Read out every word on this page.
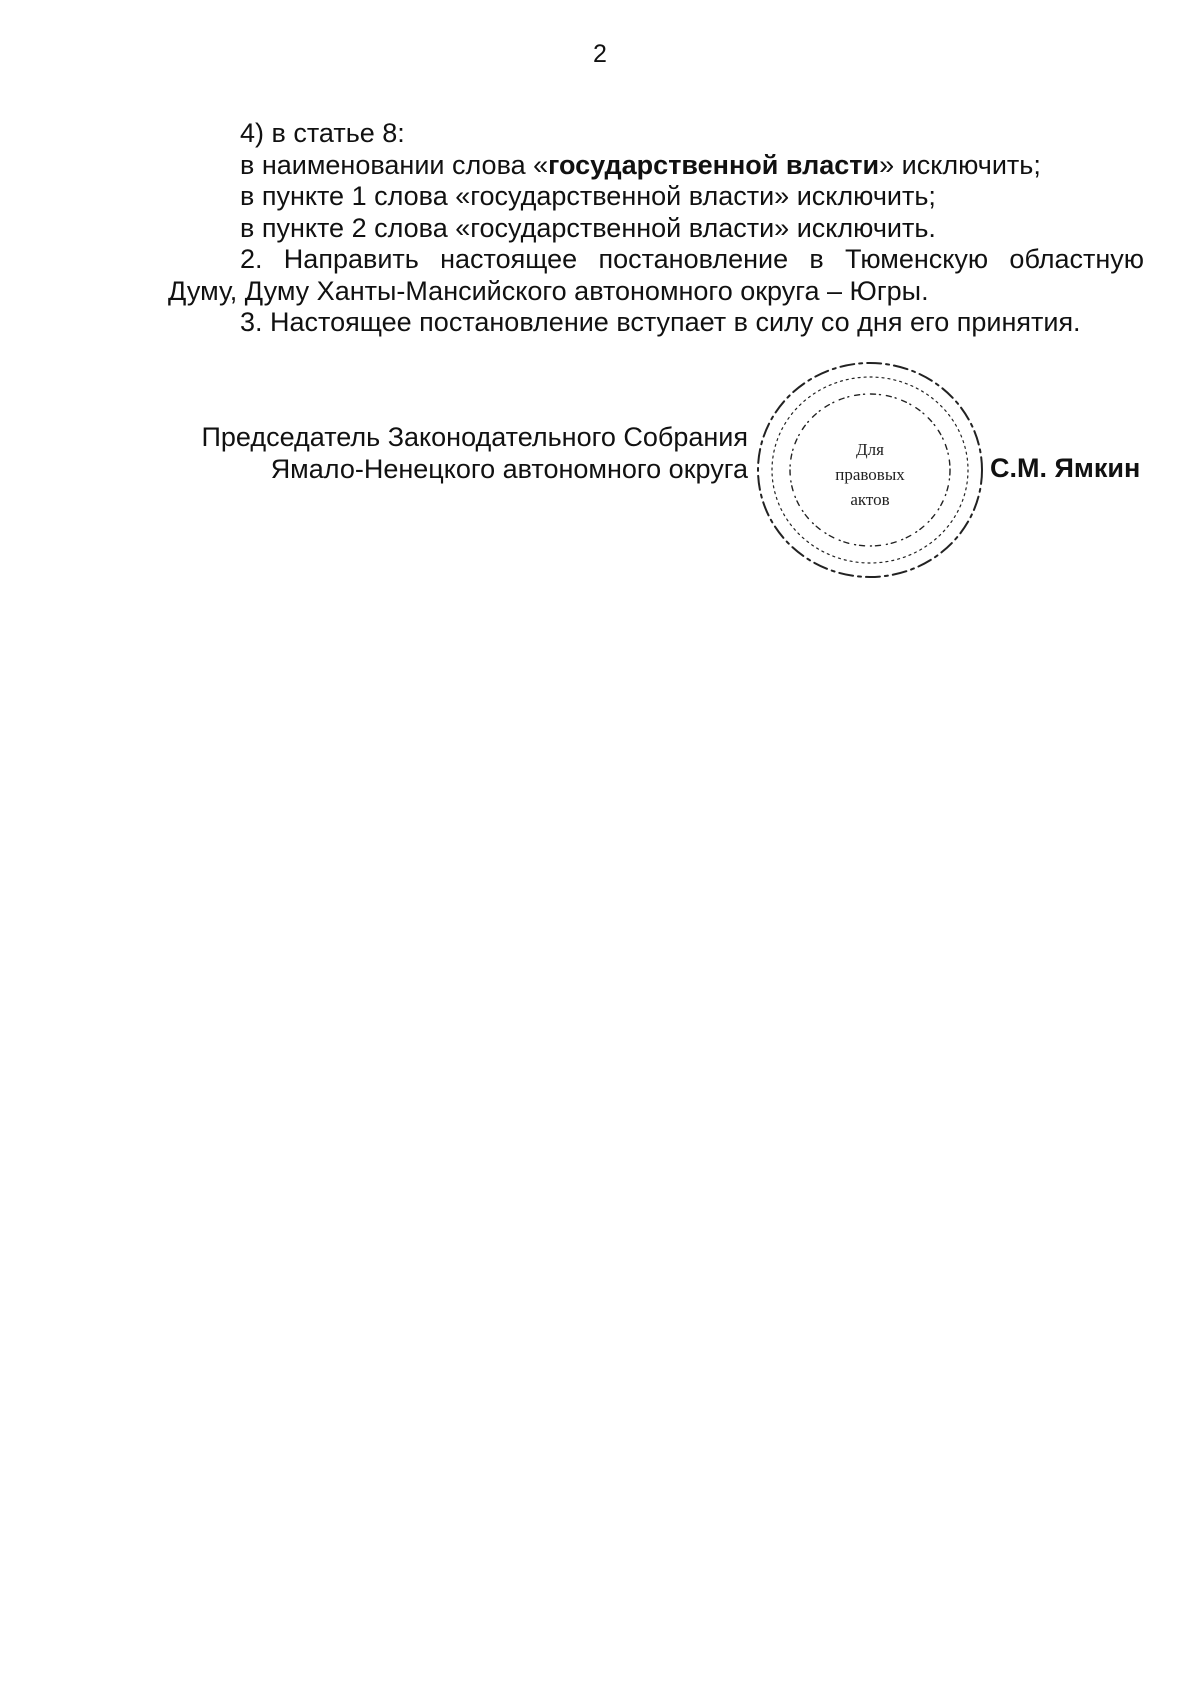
2
4) в статье 8:
в наименовании слова «государственной власти» исключить;
в пункте 1 слова «государственной власти» исключить;
в пункте 2 слова «государственной власти» исключить.
2. Направить настоящее постановление в Тюменскую областную
Думу, Думу Ханты-Мансийского автономного округа – Югры.
3. Настоящее постановление вступает в силу со дня его принятия.
Председатель Законодательного Собрания
Ямало-Ненецкого автономного округа
Для
правовых
актов
С.М. Ямкин
